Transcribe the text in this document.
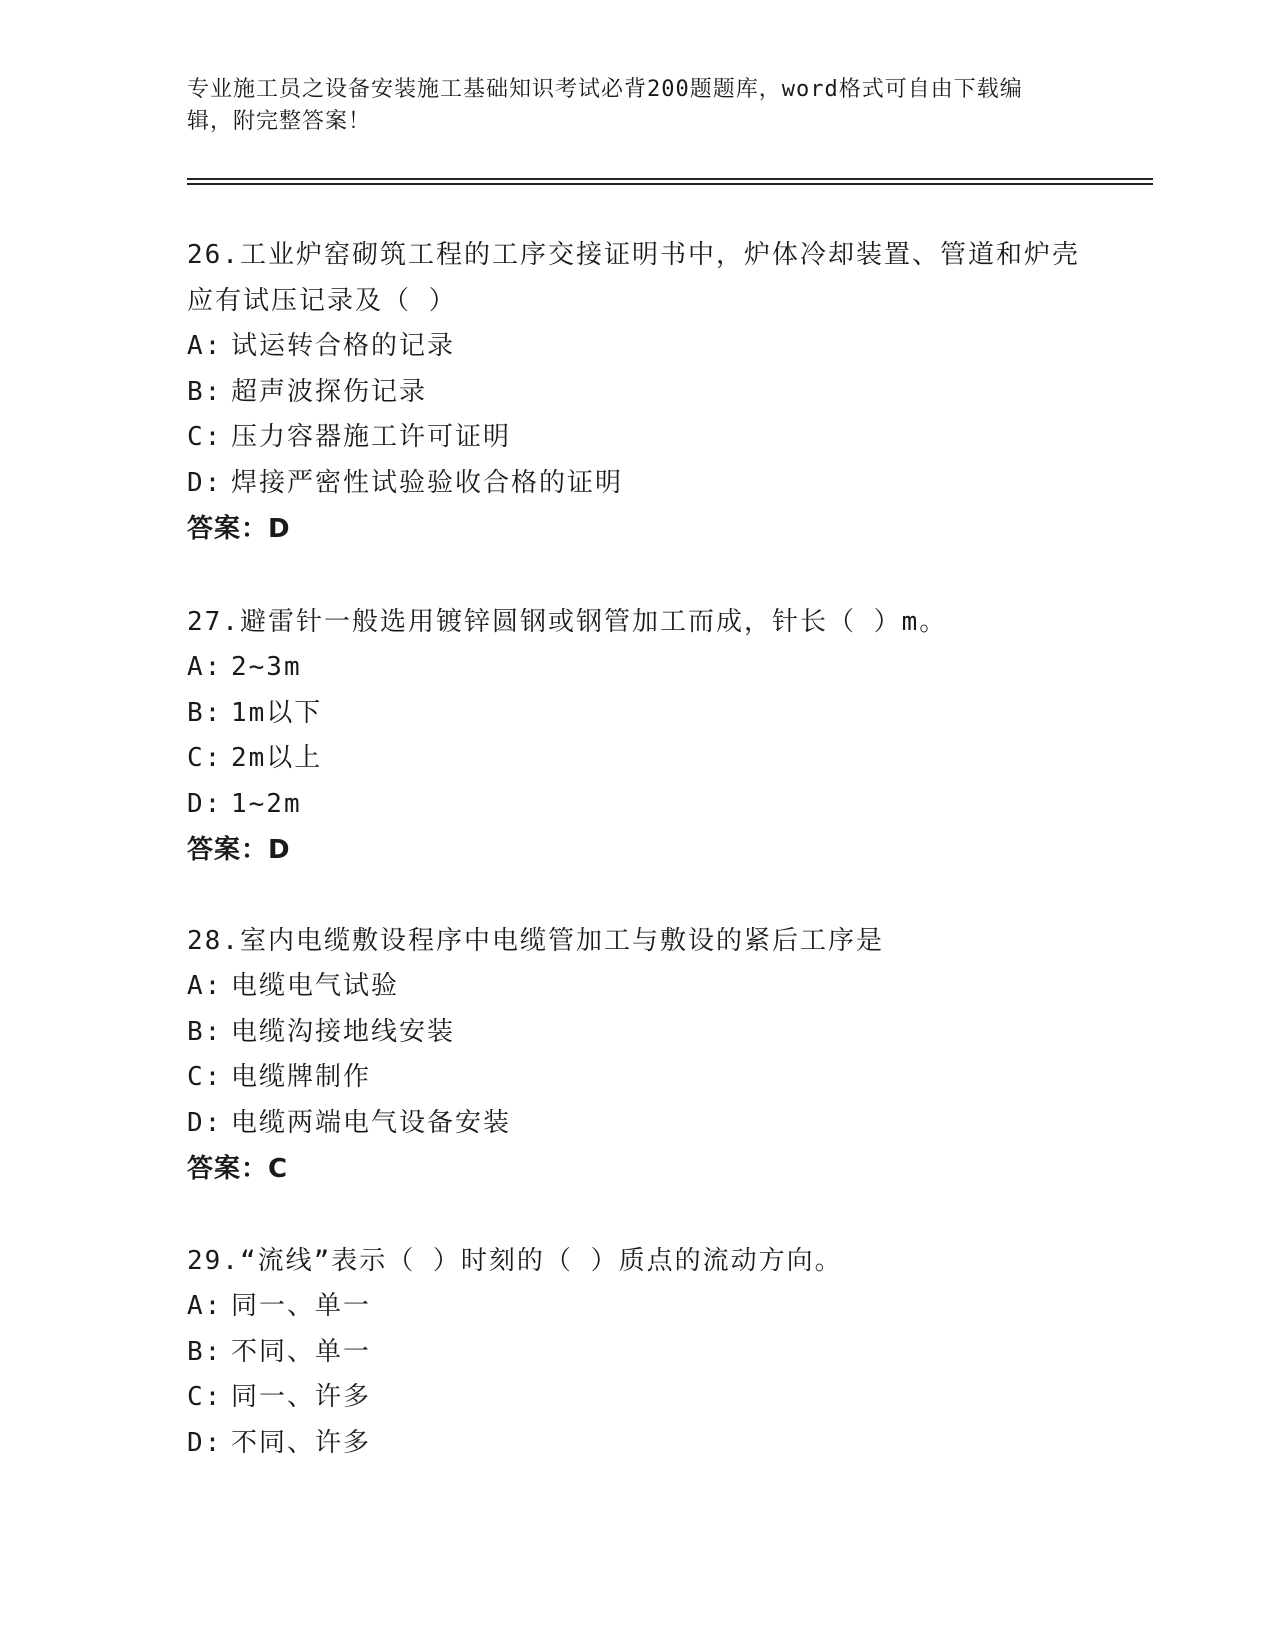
专业施工员之设备安装施工基础知识考试必背200题题库，word格式可自由下载编辑，附完整答案！

26.工业炉窑砌筑工程的工序交接证明书中，炉体冷却装置、管道和炉壳应有试压记录及（ ）

A: 试运转合格的记录

B: 超声波探伤记录

C: 压力容器施工许可证明

D: 焊接严密性试验验收合格的证明

答案：D

27.避雷针一般选用镀锌圆钢或钢管加工而成，针长（ ）m。

A: 2~3m

B: 1m以下

C: 2m以上

D: 1~2m

答案：D

28.室内电缆敷设程序中电缆管加工与敷设的紧后工序是

A: 电缆电气试验

B: 电缆沟接地线安装

C: 电缆牌制作

D: 电缆两端电气设备安装

答案：C

29.“流线”表示（ ）时刻的（ ）质点的流动方向。

A: 同一、单一

B: 不同、单一

C: 同一、许多

D: 不同、许多
